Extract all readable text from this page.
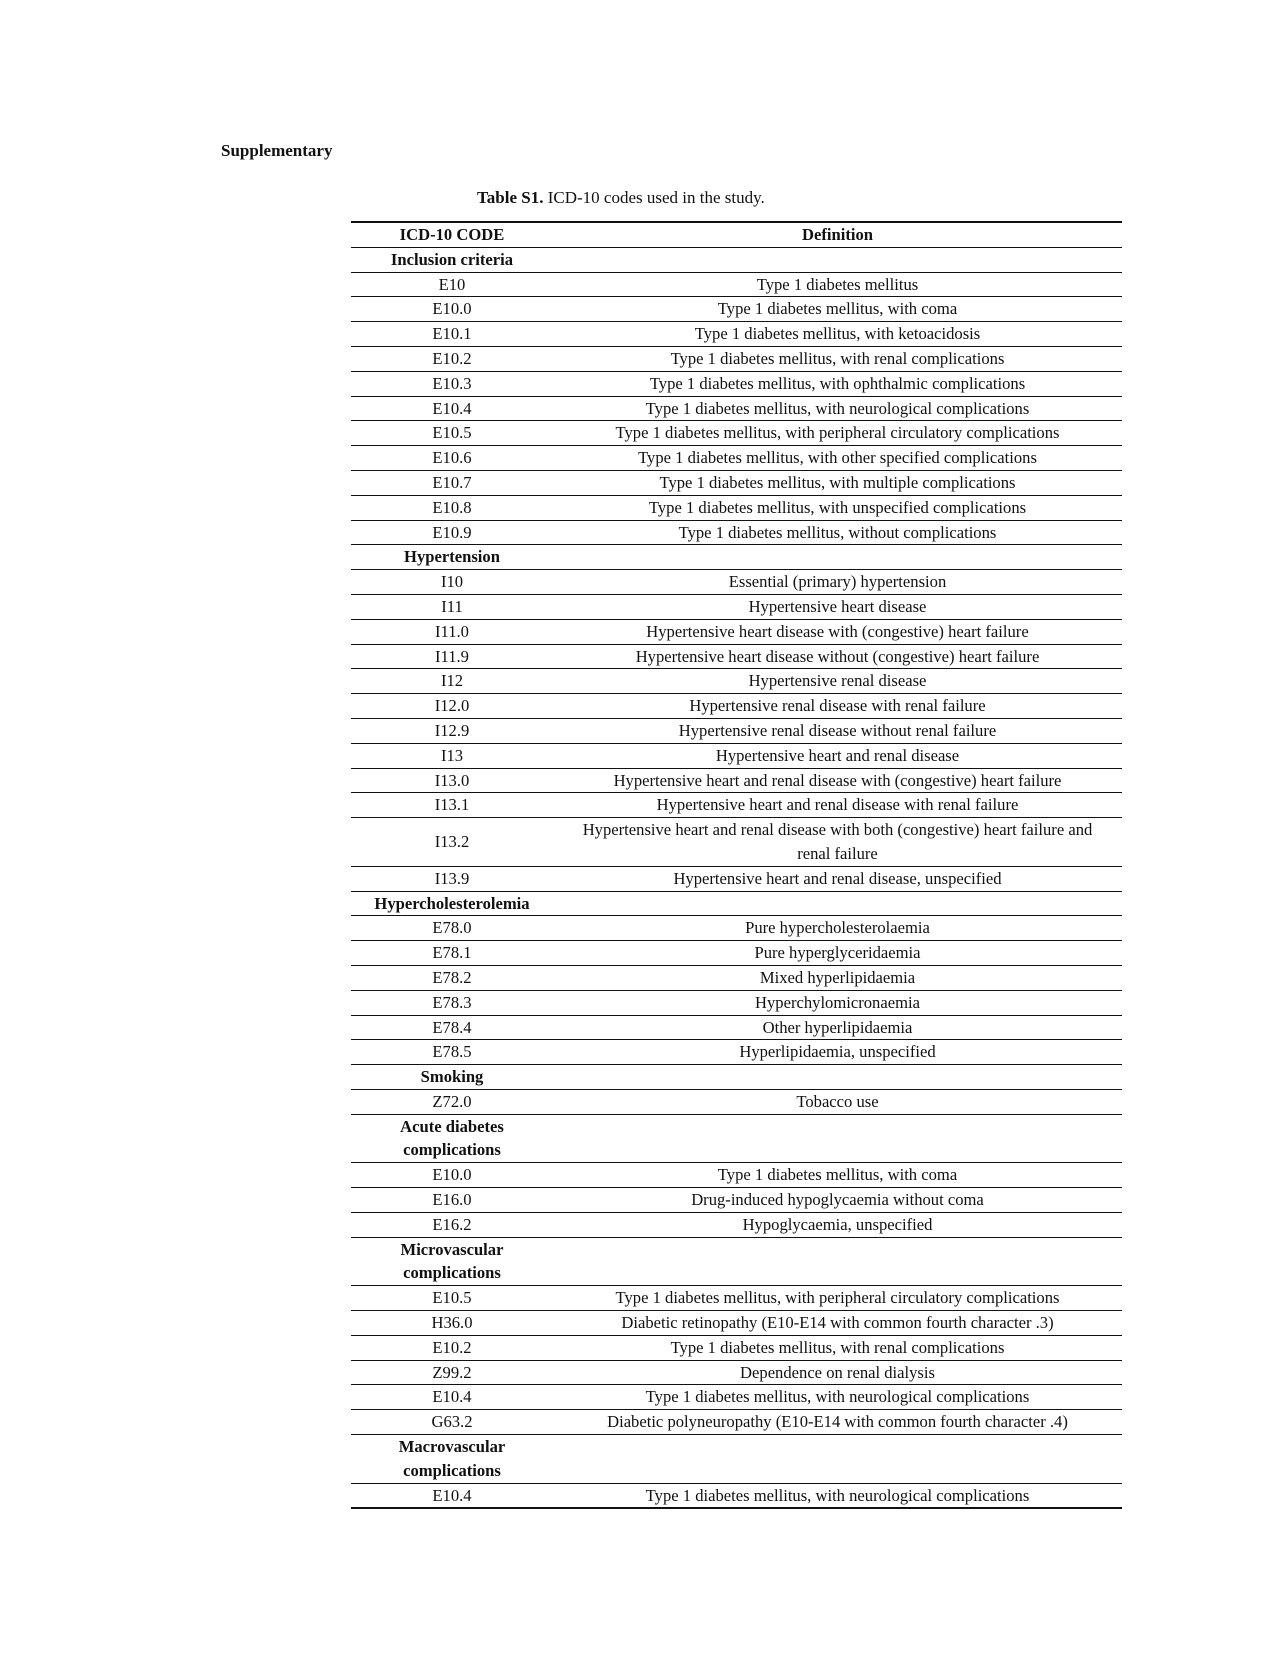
Supplementary

Table S1. ICD-10 codes used in the study.

ICD-10 CODE	Definition
Inclusion criteria	
E10	Type 1 diabetes mellitus
E10.0	Type 1 diabetes mellitus, with coma
E10.1	Type 1 diabetes mellitus, with ketoacidosis
E10.2	Type 1 diabetes mellitus, with renal complications
E10.3	Type 1 diabetes mellitus, with ophthalmic complications
E10.4	Type 1 diabetes mellitus, with neurological complications
E10.5	Type 1 diabetes mellitus, with peripheral circulatory complications
E10.6	Type 1 diabetes mellitus, with other specified complications
E10.7	Type 1 diabetes mellitus, with multiple complications
E10.8	Type 1 diabetes mellitus, with unspecified complications
E10.9	Type 1 diabetes mellitus, without complications
Hypertension	
I10	Essential (primary) hypertension
I11	Hypertensive heart disease
I11.0	Hypertensive heart disease with (congestive) heart failure
I11.9	Hypertensive heart disease without (congestive) heart failure
I12	Hypertensive renal disease
I12.0	Hypertensive renal disease with renal failure
I12.9	Hypertensive renal disease without renal failure
I13	Hypertensive heart and renal disease
I13.0	Hypertensive heart and renal disease with (congestive) heart failure
I13.1	Hypertensive heart and renal disease with renal failure
I13.2	Hypertensive heart and renal disease with both (congestive) heart failure and renal failure
I13.9	Hypertensive heart and renal disease, unspecified
Hypercholesterolemia	
E78.0	Pure hypercholesterolaemia
E78.1	Pure hyperglyceridaemia
E78.2	Mixed hyperlipidaemia
E78.3	Hyperchylomicronaemia
E78.4	Other hyperlipidaemia
E78.5	Hyperlipidaemia, unspecified
Smoking	
Z72.0	Tobacco use
Acute diabetes complications	
E10.0	Type 1 diabetes mellitus, with coma
E16.0	Drug-induced hypoglycaemia without coma
E16.2	Hypoglycaemia, unspecified
Microvascular complications	
E10.5	Type 1 diabetes mellitus, with peripheral circulatory complications
H36.0	Diabetic retinopathy (E10-E14 with common fourth character .3)
E10.2	Type 1 diabetes mellitus, with renal complications
Z99.2	Dependence on renal dialysis
E10.4	Type 1 diabetes mellitus, with neurological complications
G63.2	Diabetic polyneuropathy (E10-E14 with common fourth character .4)
Macrovascular complications	
E10.4	Type 1 diabetes mellitus, with neurological complications
